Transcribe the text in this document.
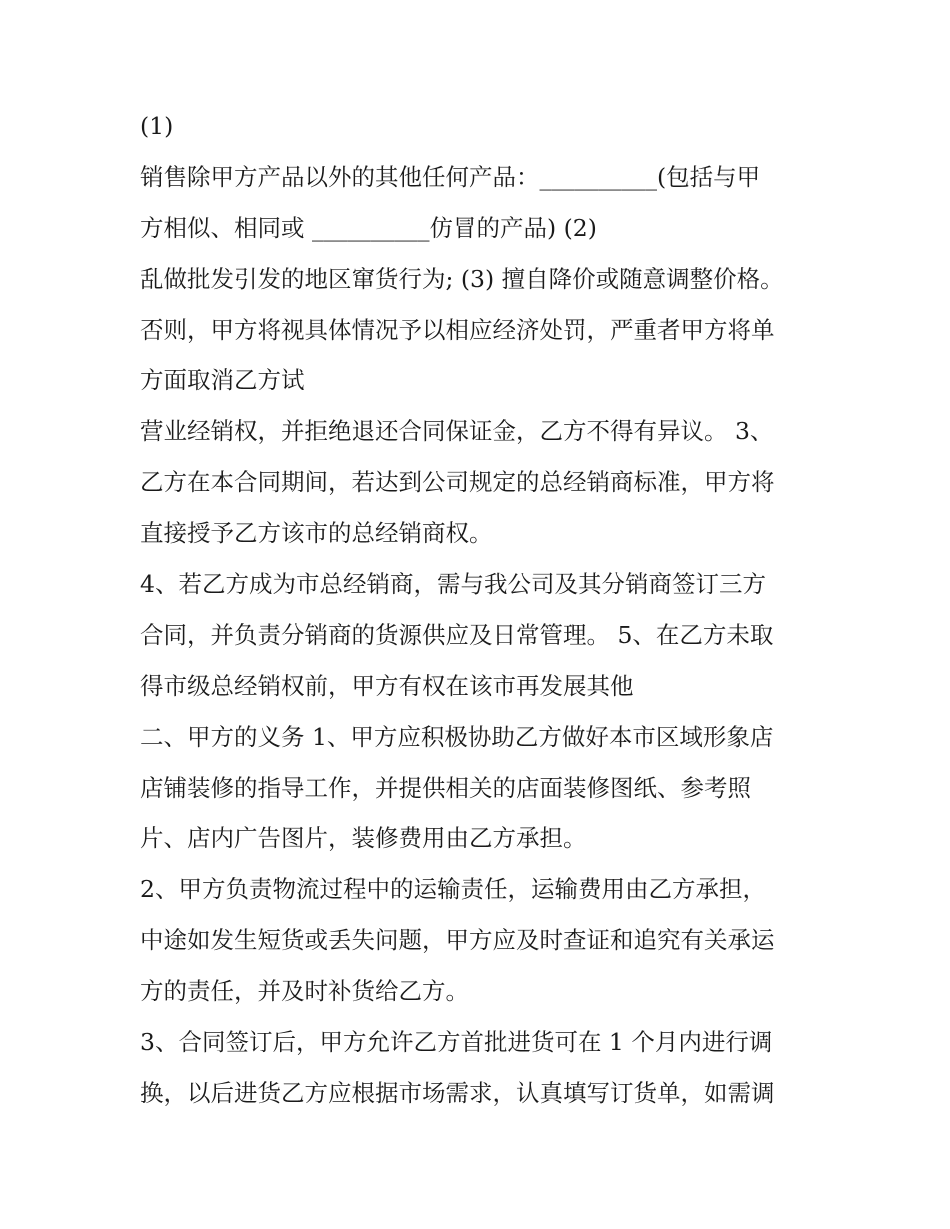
(1)
销售除甲方产品以外的其他任何产品：__________(包括与甲
方相似、相同或 __________仿冒的产品) (2)
乱做批发引发的地区窜货行为; (3) 擅自降价或随意调整价格。
否则，甲方将视具体情况予以相应经济处罚，严重者甲方将单
方面取消乙方试
营业经销权，并拒绝退还合同保证金，乙方不得有异议。 3、
乙方在本合同期间，若达到公司规定的总经销商标准，甲方将
直接授予乙方该市的总经销商权。
4、若乙方成为市总经销商，需与我公司及其分销商签订三方
合同，并负责分销商的货源供应及日常管理。 5、在乙方未取
得市级总经销权前，甲方有权在该市再发展其他
二、甲方的义务 1、甲方应积极协助乙方做好本市区域形象店
店铺装修的指导工作，并提供相关的店面装修图纸、参考照
片、店内广告图片，装修费用由乙方承担。
2、甲方负责物流过程中的运输责任，运输费用由乙方承担，
中途如发生短货或丢失问题，甲方应及时查证和追究有关承运
方的责任，并及时补货给乙方。
3、合同签订后，甲方允许乙方首批进货可在 1 个月内进行调
换，以后进货乙方应根据市场需求，认真填写订货单，如需调
